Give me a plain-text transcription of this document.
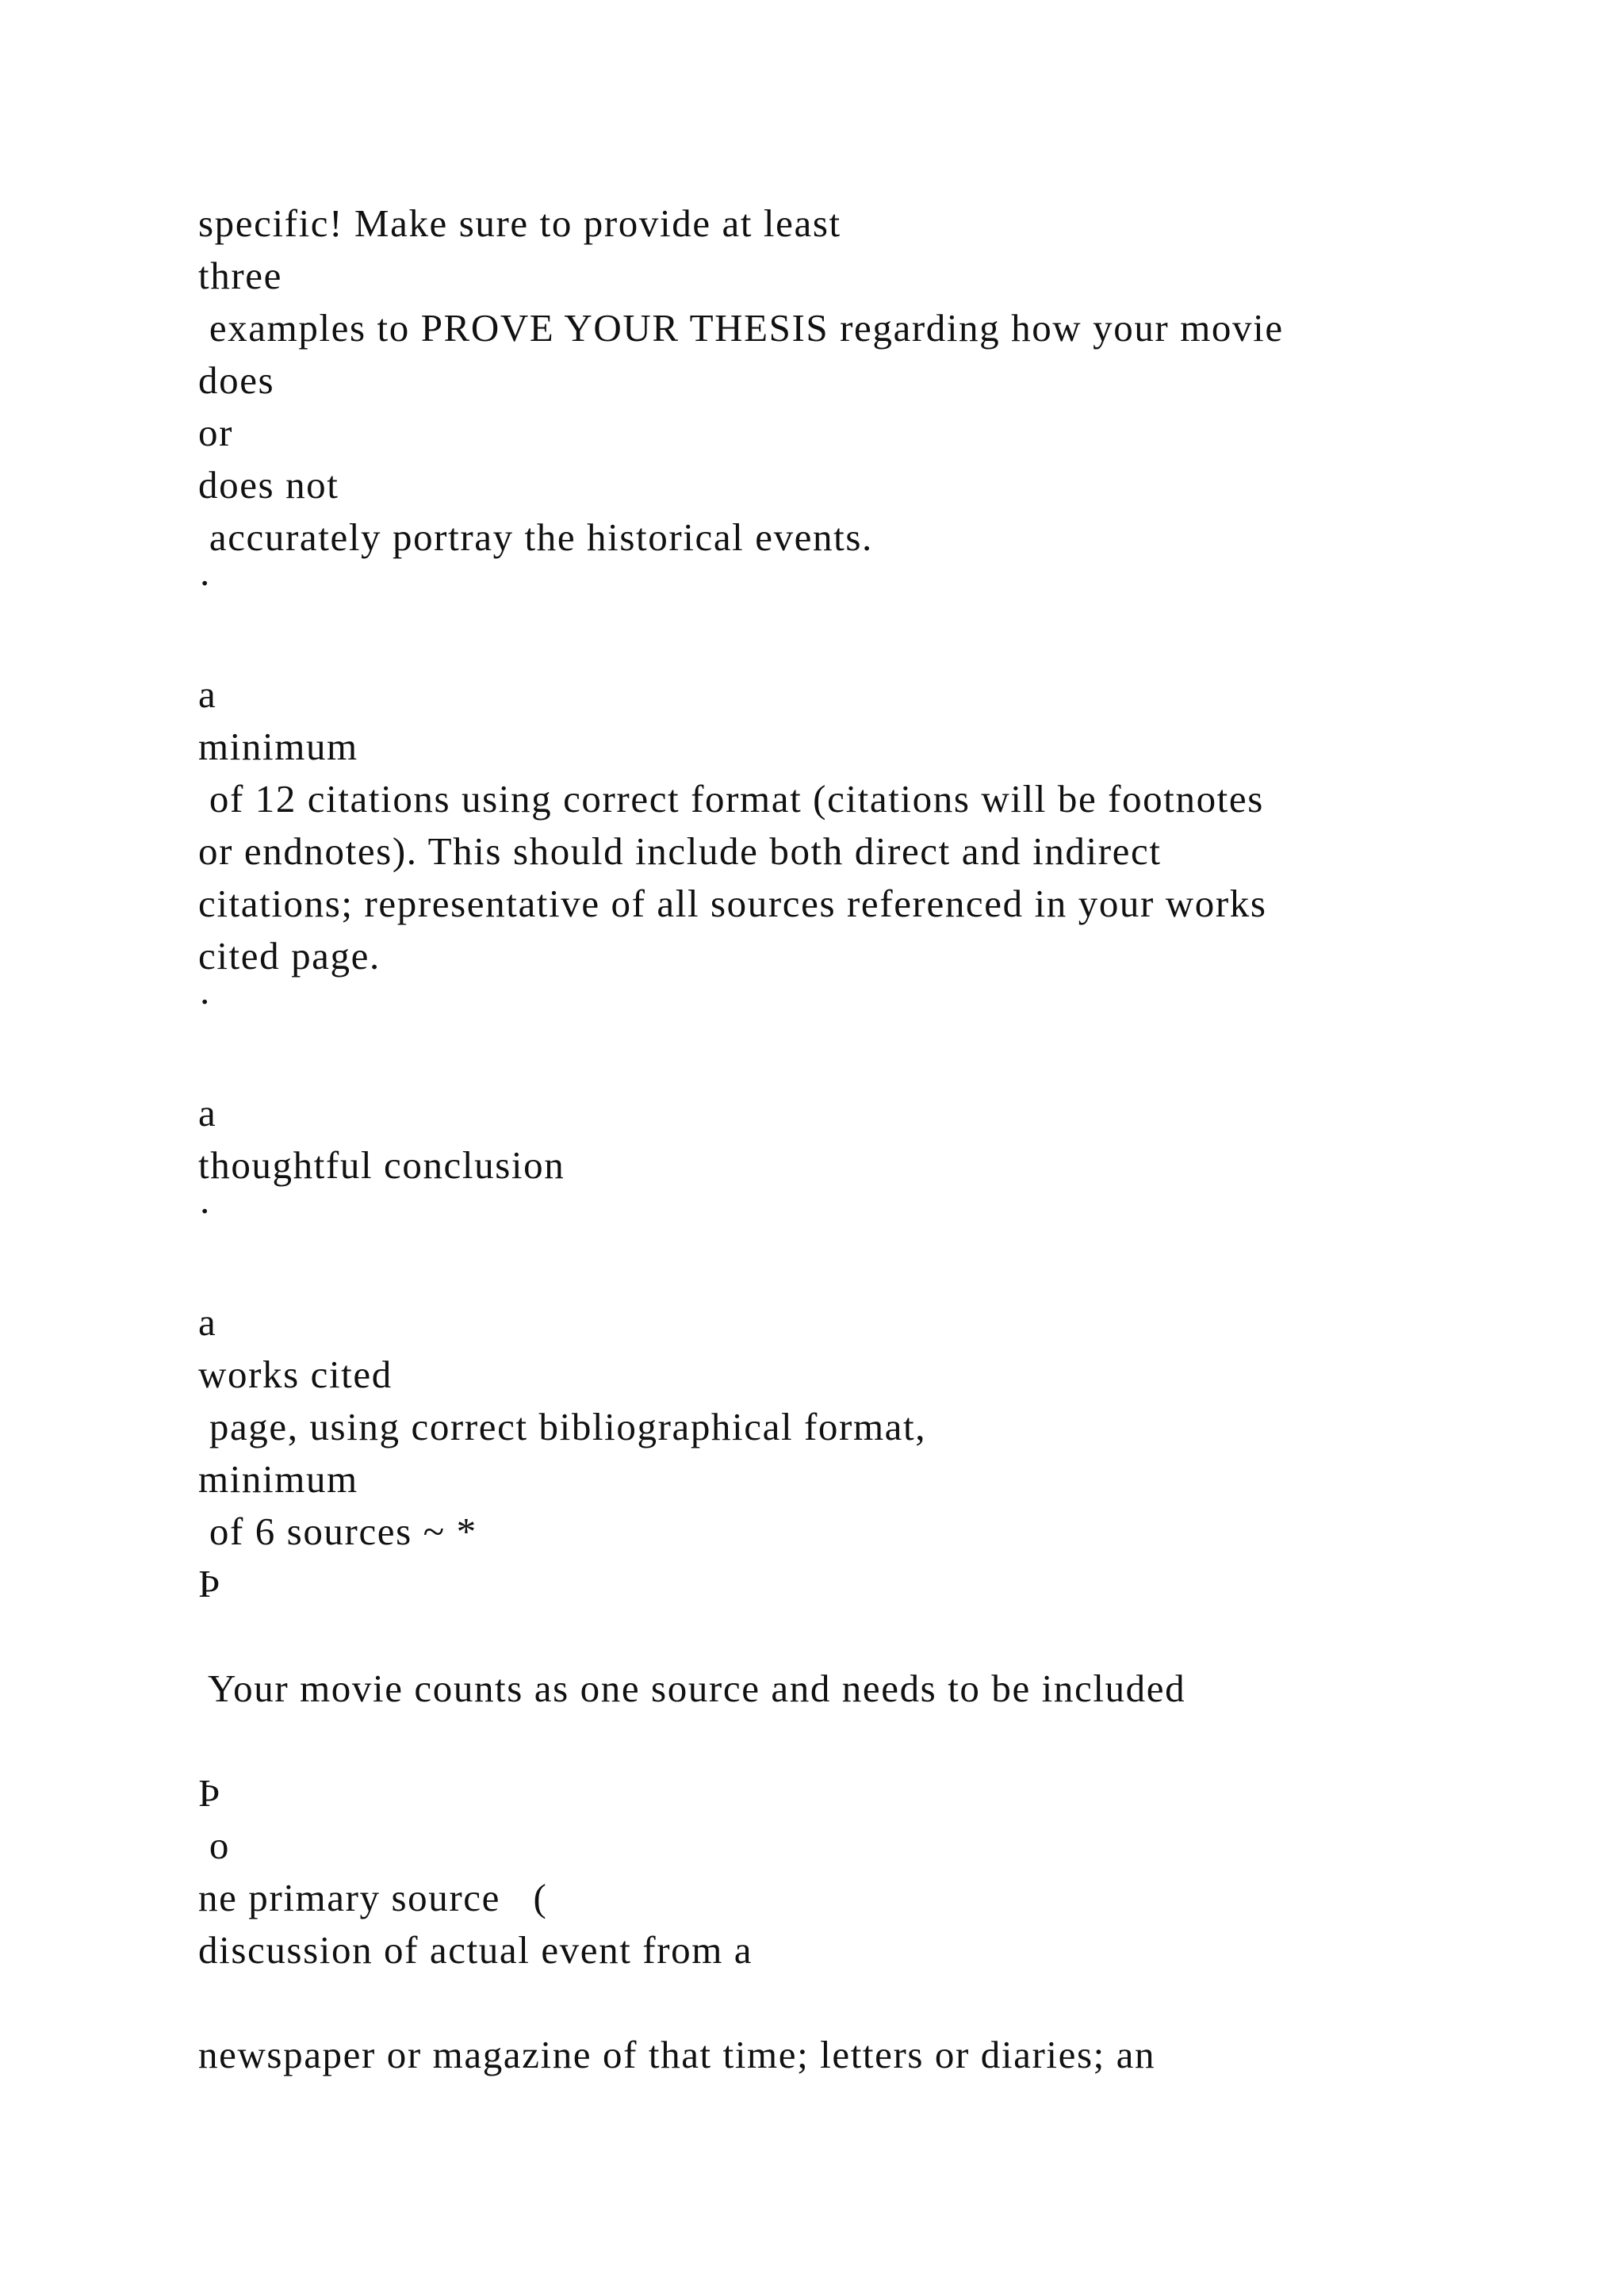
specific! Make sure to provide at least

three

examples to PROVE YOUR THESIS regarding how your movie

does

or

does not

accurately portray the historical events.

·

a

minimum

of 12 citations using correct format (citations will be footnotes

or endnotes). This should include both direct and indirect

citations; representative of all sources referenced in your works

cited page.

·

a

thoughtful conclusion

·

a

works cited

page, using correct bibliographical format,

minimum

of 6 sources ~ *

Þ

Your movie counts as one source and needs to be included

Þ

o

ne primary source   (

discussion of actual event from a

newspaper or magazine of that time; letters or diaries; an
